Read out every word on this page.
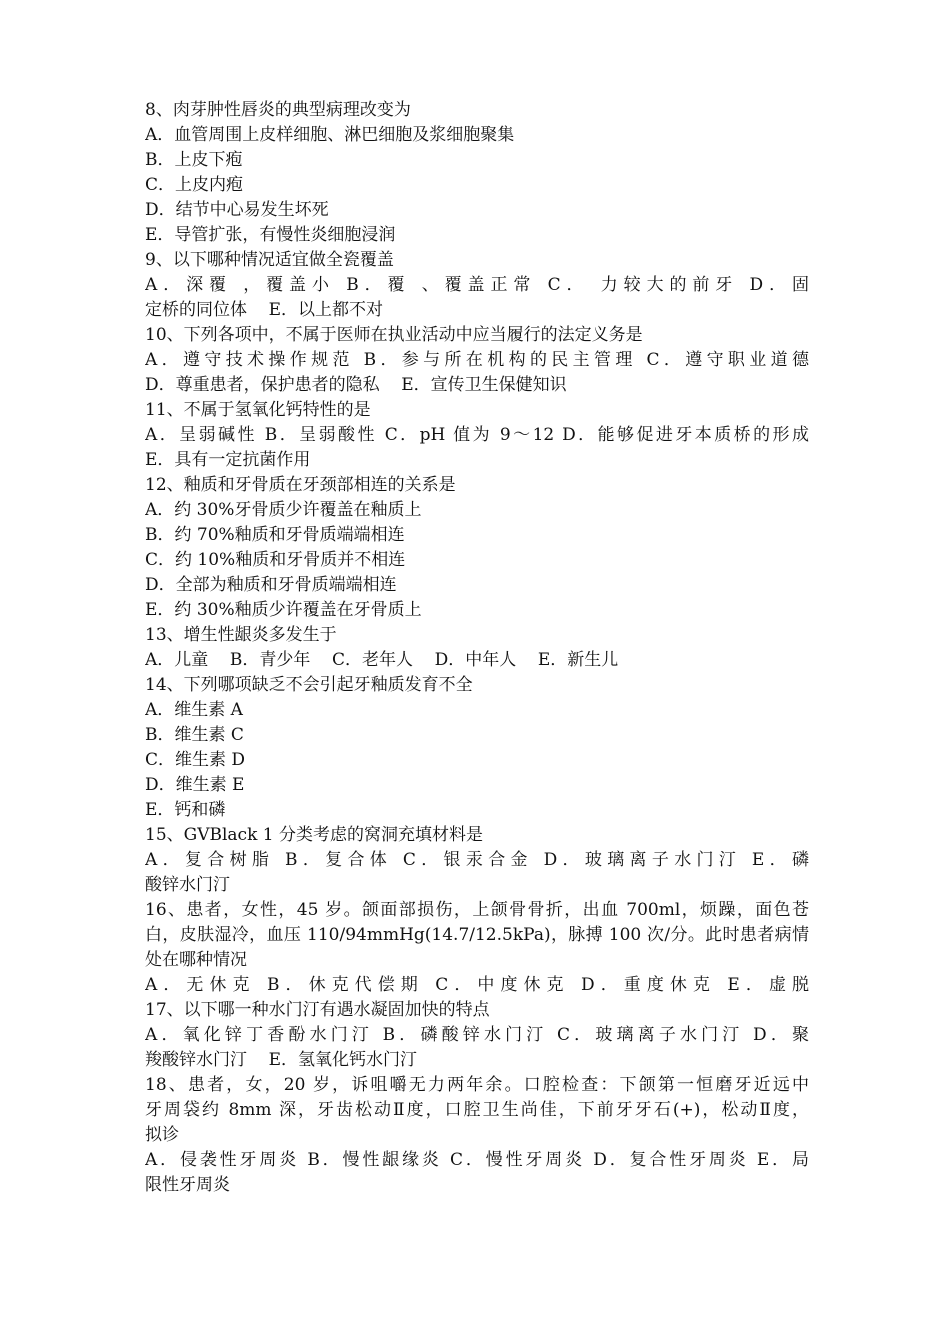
8、肉芽肿性唇炎的典型病理改变为
A．血管周围上皮样细胞、淋巴细胞及浆细胞聚集
B．上皮下疱
C．上皮内疱
D．结节中心易发生坏死
E．导管扩张，有慢性炎细胞浸润
9、以下哪种情况适宜做全瓷覆盖
A．深覆 ，覆盖小 B．覆 、覆盖正常 C． 力较大的前牙 D．固
定桥的同位体    E．以上都不对
10、下列各项中，不属于医师在执业活动中应当履行的法定义务是
A．遵守技术操作规范 B．参与所在机构的民主管理 C．遵守职业道德
D．尊重患者，保护患者的隐私    E．宣传卫生保健知识
11、不属于氢氧化钙特性的是
A．呈弱碱性 B．呈弱酸性 C．pH 值为 9～12 D．能够促进牙本质桥的形成
E．具有一定抗菌作用
12、釉质和牙骨质在牙颈部相连的关系是
A．约 30%牙骨质少许覆盖在釉质上
B．约 70%釉质和牙骨质端端相连
C．约 10%釉质和牙骨质并不相连
D．全部为釉质和牙骨质端端相连
E．约 30%釉质少许覆盖在牙骨质上
13、增生性龈炎多发生于
A．儿童    B．青少年    C．老年人    D．中年人    E．新生儿
14、下列哪项缺乏不会引起牙釉质发育不全
A．维生素 A
B．维生素 C
C．维生素 D
D．维生素 E
E．钙和磷
15、GVBlack 1 分类考虑的窝洞充填材料是
A．复合树脂 B．复合体 C．银汞合金 D．玻璃离子水门汀 E．磷
酸锌水门汀
16、患者，女性，45 岁。颌面部损伤，上颌骨骨折，出血 700ml，烦躁，面色苍
白，皮肤湿冷，血压 110/94mmHg(14.7/12.5kPa)，脉搏 100 次/分。此时患者病情
处在哪种情况
A．无休克 B．休克代偿期 C．中度休克 D．重度休克 E．虚脱
17、以下哪一种水门汀有遇水凝固加快的特点
A．氧化锌丁香酚水门汀 B．磷酸锌水门汀 C．玻璃离子水门汀 D．聚
羧酸锌水门汀    E．氢氧化钙水门汀
18、患者，女，20 岁，诉咀嚼无力两年余。口腔检查：下颌第一恒磨牙近远中
牙周袋约 8mm 深，牙齿松动Ⅱ度，口腔卫生尚佳，下前牙牙石(+)，松动Ⅱ度，
拟诊
A．侵袭性牙周炎 B．慢性龈缘炎 C．慢性牙周炎 D．复合性牙周炎 E．局
限性牙周炎
